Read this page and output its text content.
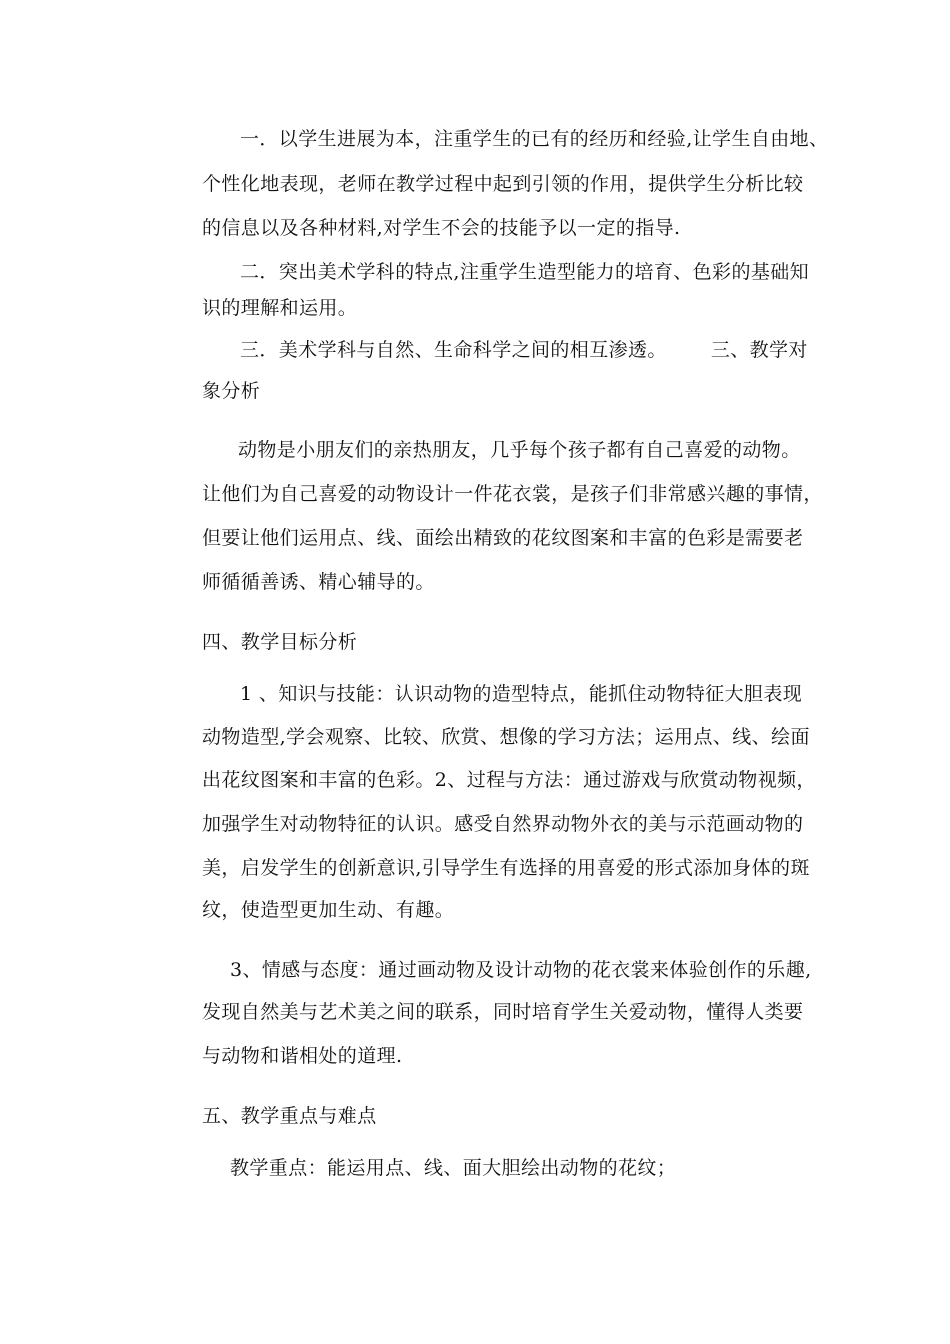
一．以学生进展为本，注重学生的已有的经历和经验,让学生自由地、
个性化地表现，老师在教学过程中起到引领的作用，提供学生分析比较
的信息以及各种材料,对学生不会的技能予以一定的指导.
二．突出美术学科的特点,注重学生造型能力的培育、色彩的基础知
识的理解和运用。
三．美术学科与自然、生命科学之间的相互渗透。 三、教学对
象分析
动物是小朋友们的亲热朋友，几乎每个孩子都有自己喜爱的动物。
让他们为自己喜爱的动物设计一件花衣裳，是孩子们非常感兴趣的事情，
但要让他们运用点、线、面绘出精致的花纹图案和丰富的色彩是需要老
师循循善诱、精心辅导的。
四、教学目标分析
1 、知识与技能：认识动物的造型特点，能抓住动物特征大胆表现
动物造型,学会观察、比较、欣赏、想像的学习方法；运用点、线、绘面
出花纹图案和丰富的色彩。2、过程与方法：通过游戏与欣赏动物视频，
加强学生对动物特征的认识。感受自然界动物外衣的美与示范画动物的
美，启发学生的创新意识,引导学生有选择的用喜爱的形式添加身体的斑
纹，使造型更加生动、有趣。
3、情感与态度：通过画动物及设计动物的花衣裳来体验创作的乐趣,
发现自然美与艺术美之间的联系，同时培育学生关爱动物，懂得人类要
与动物和谐相处的道理.
五、教学重点与难点
教学重点：能运用点、线、面大胆绘出动物的花纹；
